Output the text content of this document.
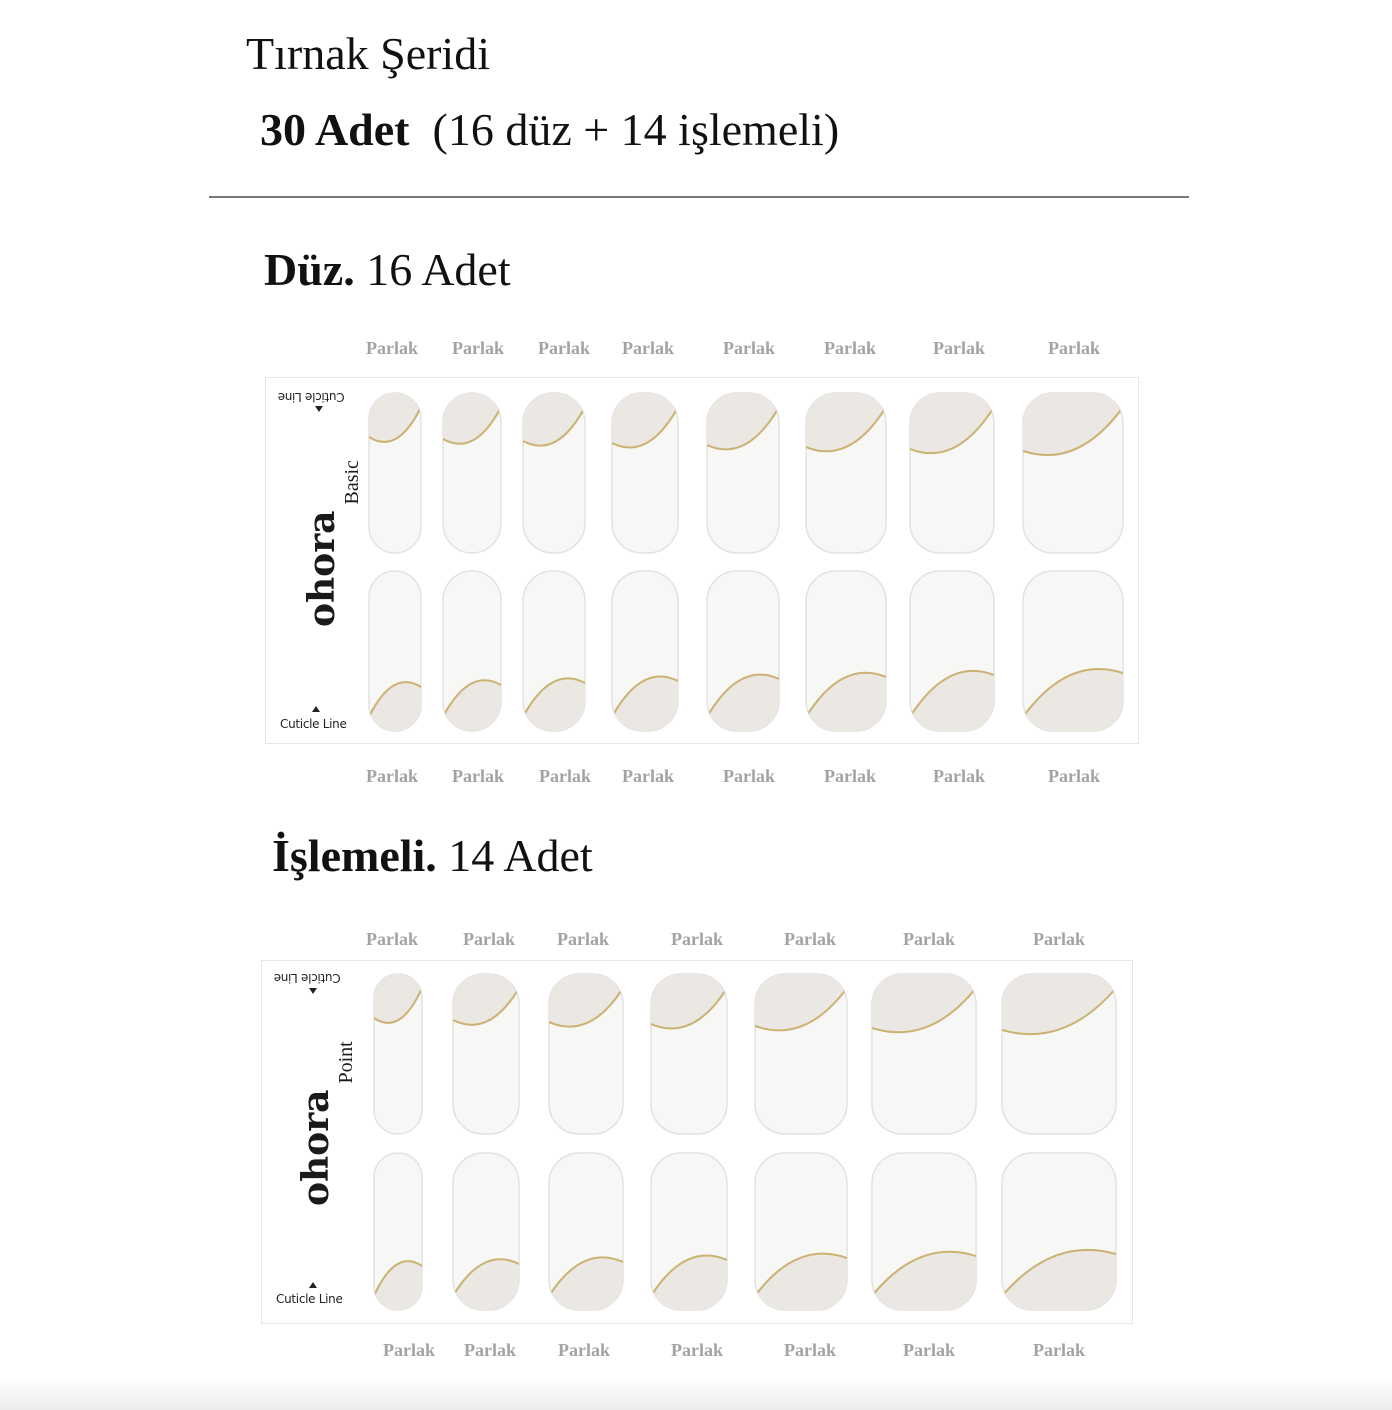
Tırnak Şeridi
30 Adet (16 düz + 14 işlemeli)
Düz. 16 Adet
Parlak Parlak Parlak Parlak	Parlak	Parlak	Parlak	Parlak
Cuticle Line
ohoraBasic
Cuticle Line
Parlak Parlak Parlak Parlak	Parlak	Parlak	Parlak	Parlak
İşlemeli. 14 Adet
Parlak	Parlak Parlak	Parlak	Parlak	Parlak	Parlak
Cuticle Line
ohoraPoint
Cuticle Line
Parlak Parlak Parlak	Parlak	Parlak	Parlak	Parlak
